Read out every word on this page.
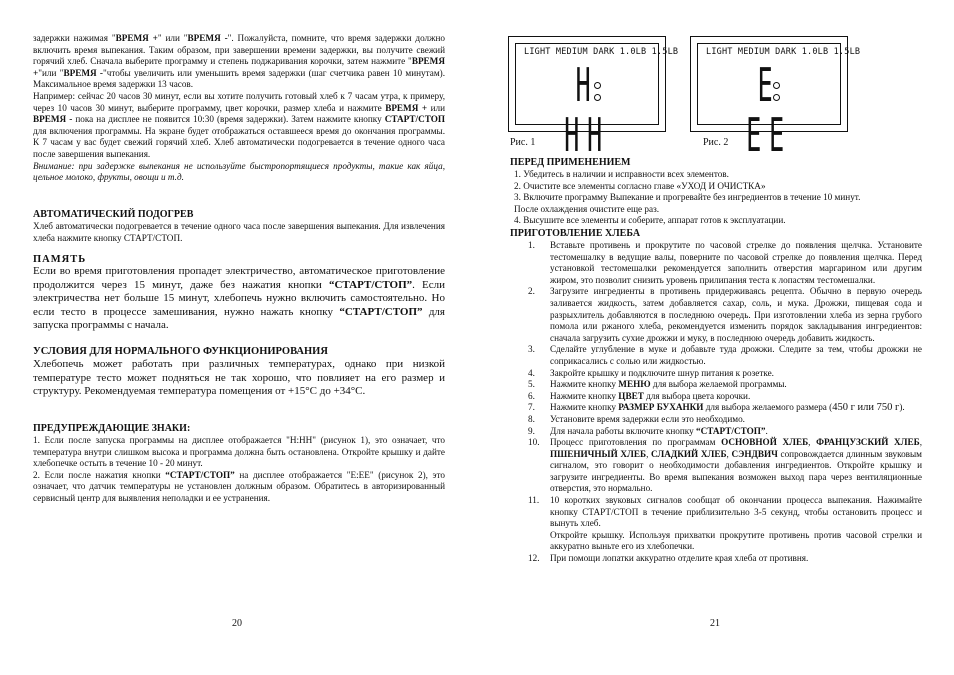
задержки нажимая "ВРЕМЯ +" или "ВРЕМЯ -". Пожалуйста, помните, что время задержки должно включить время выпекания. Таким образом, при завершении времени задержки, вы получите свежий горячий хлеб. Сначала выберите программу и степень поджаривания корочки, затем нажмите "ВРЕМЯ +"или "ВРЕМЯ -"чтобы увеличить или уменьшить время задержки (шаг счетчика равен 10 минутам). Максимальное время задержки 13 часов.

Например: сейчас 20 часов 30 минут, если вы хотите получить готовый хлеб к 7 часам утра, к примеру, через 10 часов 30 минут, выберите программу, цвет корочки, размер хлеба и нажмите ВРЕМЯ + или ВРЕМЯ - пока на дисплее не появится 10:30 (время задержки). Затем нажмите кнопку СТАРТ/СТОП для включения программы. На экране будет отображаться оставшееся время до окончания программы. К 7 часам у вас будет свежий горячий хлеб. Хлеб автоматически подогревается в течение одного часа после завершения выпекания.

Внимание: при задержке выпекания не используйте быстропортящиеся продукты, такие как яйца, цельное молоко, фрукты, овощи и т.д.

АВТОМАТИЧЕСКИЙ ПОДОГРЕВ

Хлеб автоматически подогревается в течение одного часа после завершения выпекания. Для извлечения хлеба нажмите кнопку СТАРТ/СТОП.

ПАМЯТЬ

Если во время приготовления пропадет электричество, автоматическое приготовление продолжится через 15 минут, даже без нажатия кнопки “СТАРТ/СТОП”. Если электричества нет больше 15 минут, хлебопечь нужно включить самостоятельно. Но если тесто в процессе замешивания, нужно нажать кнопку “СТАРТ/СТОП” для запуска программы с начала.

УСЛОВИЯ ДЛЯ НОРМАЛЬНОГО ФУНКЦИОНИРОВАНИЯ

Хлебопечь может работать при различных температурах, однако при низкой температуре тесто может подняться не так хорошо, что повлияет на его размер и структуру. Рекомендуемая температура помещения от +15°С до +34°С.

ПРЕДУПРЕЖДАЮЩИЕ ЗНАКИ:

1. Если после запуска программы на дисплее отображается "Н:НН" (рисунок 1), это означает, что температура внутри слишком высока и программа должна быть остановлена. Откройте крышку и дайте хлебопечке остыть в течение 10 - 20 минут.

2. Если после нажатия кнопки “СТАРТ/СТОП” на дисплее отображается "Е:ЕЕ" (рисунок 2), это означает, что датчик температуры не установлен должным образом. Обратитесь в авторизированный сервисный центр для выявления неполадки и ее устранения.

20
LIGHT MEDIUM DARK 1.0LB 1.5LB
H HH
Рис. 1
LIGHT MEDIUM DARK 1.0LB 1.5LB
E EE
Рис. 2

ПЕРЕД ПРИМЕНЕНИЕМ

1. Убедитесь в наличии и исправности всех элементов.

2. Очистите все элементы согласно главе «УХОД И ОЧИСТКА»

3. Включите программу Выпекание и прогревайте без ингредиентов в течение 10 минут.

После охлаждения очистите еще раз.

4. Высушите все элементы и соберите, аппарат готов к эксплуатации.

ПРИГОТОВЛЕНИЕ ХЛЕБА

1.	Вставьте противень и прокрутите по часовой стрелке до появления щелчка. Установите тестомешалку в ведущие валы, поверните по часовой стрелке до появления щелчка. Перед установкой тестомешалки рекомендуется заполнить отверстия маргарином или другим жиром, это позволит снизить уровень прилипания теста к лопастям тестомешалки.
2.	Загрузите ингредиенты в противень придерживаясь рецепта. Обычно в первую очередь заливается жидкость, затем добавляется сахар, соль, и мука. Дрожжи, пищевая сода и разрыхлитель добавляются в последнюю очередь. При изготовлении хлеба из зерна грубого помола или ржаного хлеба, рекомендуется изменить порядок закладывания ингредиентов: сначала загрузить сухие дрожжи и муку, в последнюю очередь добавить жидкость.
3.	Сделайте углубление в муке и добавьте туда дрожжи. Следите за тем, чтобы дрожжи не соприкасались с солью или жидкостью.
4.	Закройте крышку и подключите шнур питания к розетке.
5.	Нажмите кнопку МЕНЮ для выбора желаемой программы.
6.	Нажмите кнопку ЦВЕТ для выбора цвета корочки.
7.	Нажмите кнопку РАЗМЕР БУХАНКИ для выбора желаемого размера (450 г или 750 г).
8.	Установите время задержки если это необходимо.
9.	Для начала работы включите кнопку “СТАРТ/СТОП”.
10.	Процесс приготовления по программам ОСНОВНОЙ ХЛЕБ, ФРАНЦУЗСКИЙ ХЛЕБ, ПШЕНИЧНЫЙ ХЛЕБ, СЛАДКИЙ ХЛЕБ, СЭНДВИЧ сопровождается длинным звуковым сигналом, это говорит о необходимости добавления ингредиентов. Откройте крышку и загрузите ингредиенты. Во время выпекания возможен выход пара через вентиляционные отверстия, это нормально.
11.	10 коротких звуковых сигналов сообщат об окончании процесса выпекания. Нажимайте кнопку СТАРТ/СТОП в течение приблизительно 3-5 секунд, чтобы остановить процесс и вынуть хлеб.
Откройте крышку. Используя прихватки прокрутите противень против часовой стрелки и аккуратно выньте его из хлебопечки.
12.	При помощи лопатки аккуратно отделите края хлеба от противня.
21
